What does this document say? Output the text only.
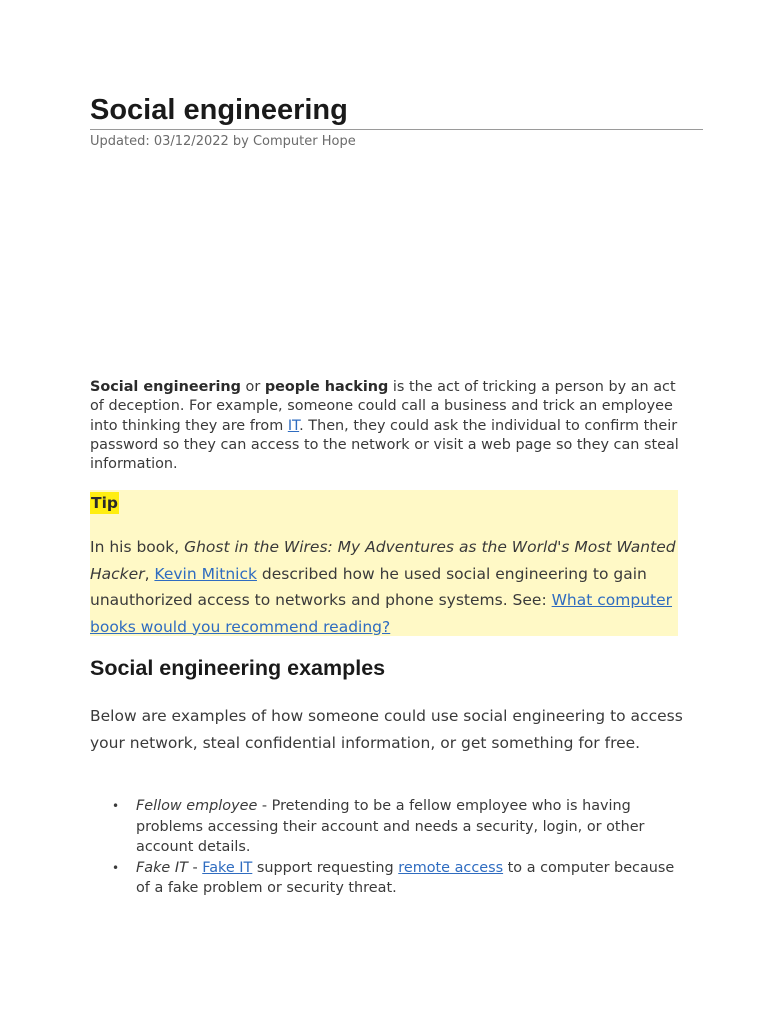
Social engineering
Updated: 03/12/2022 by Computer Hope

Social engineering or people hacking is the act of tricking a person by an act of deception. For example, someone could call a business and trick an employee into thinking they are from IT. Then, they could ask the individual to confirm their password so they can access to the network or visit a web page so they can steal information.

Tip

In his book, Ghost in the Wires: My Adventures as the World's Most Wanted Hacker, Kevin Mitnick described how he used social engineering to gain unauthorized access to networks and phone systems. See: What computer books would you recommend reading?

Social engineering examples

Below are examples of how someone could use social engineering to access your network, steal confidential information, or get something for free.

• Fellow employee - Pretending to be a fellow employee who is having problems accessing their account and needs a security, login, or other account details.
• Fake IT - Fake IT support requesting remote access to a computer because of a fake problem or security threat.
